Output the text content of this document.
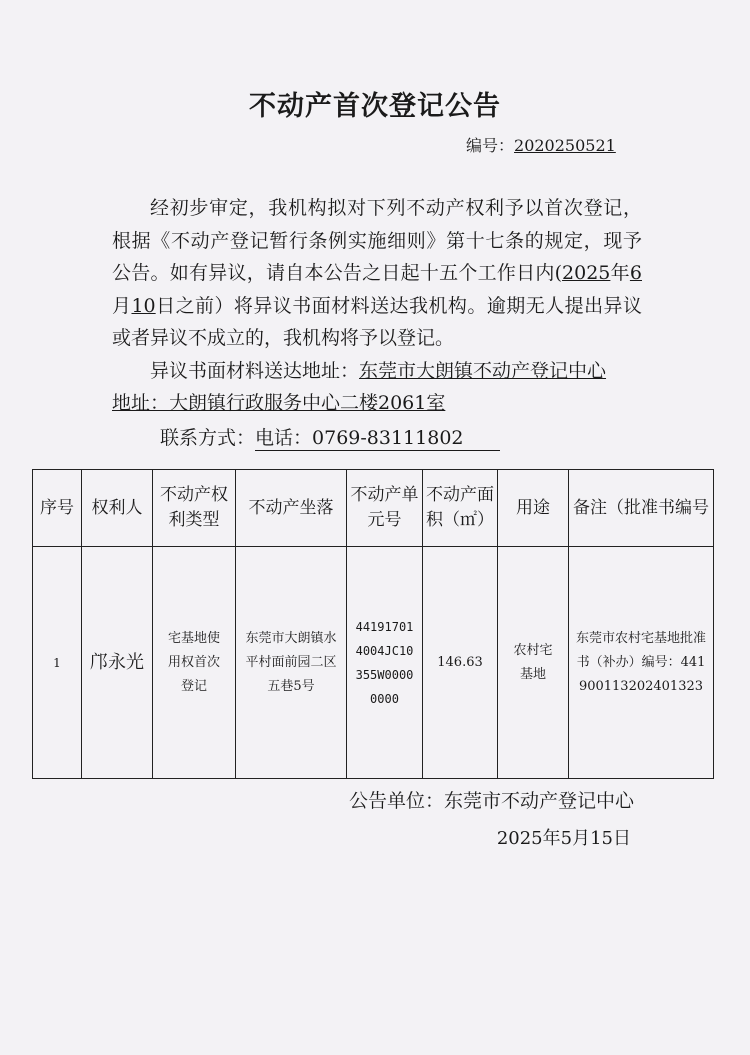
不动产首次登记公告
编号：2020250521

经初步审定，我机构拟对下列不动产权利予以首次登记，根据《不动产登记暂行条例实施细则》第十七条的规定，现予公告。如有异议，请自本公告之日起十五个工作日内(2025年6月10日之前）将异议书面材料送达我机构。逾期无人提出异议或者异议不成立的，我机构将予以登记。

异议书面材料送达地址：东莞市大朗镇不动产登记中心

地址：大朗镇行政服务中心二楼2061室

联系方式：电话：0769-83111802
序号	权利人	不动产权利类型	不动产坐落	不动产单元号	不动产面积（㎡）	用途	备注（批准书编号
1	邝永光	宅基地使用权首次登记	东莞市大朗镇水平村面前园二区五巷5号	441917014004JC10355W00000000	146.63	农村宅基地	东莞市农村宅基地批准书（补办）编号：441900113202401323
公告单位：东莞市不动产登记中心
2025年5月15日
